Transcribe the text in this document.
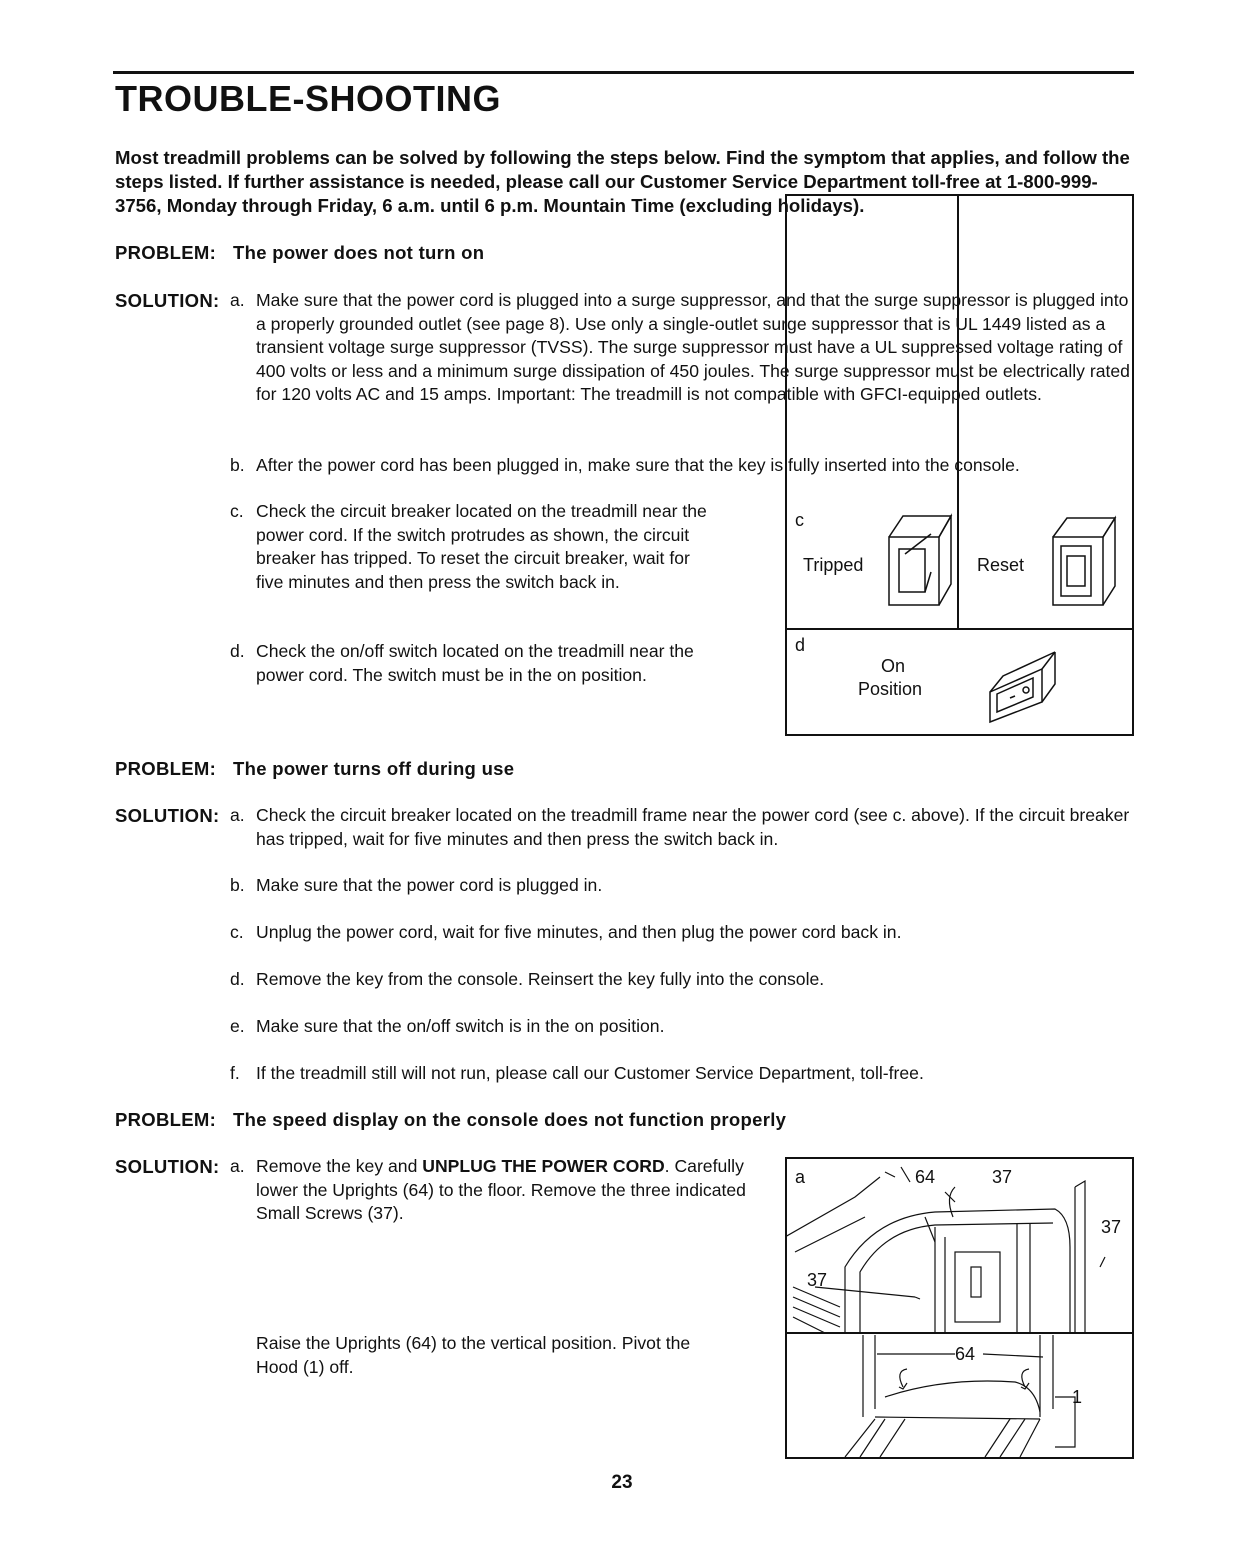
TROUBLE-SHOOTING
Most treadmill problems can be solved by following the steps below. Find the symptom that applies, and follow the steps listed. If further assistance is needed, please call our Customer Service Department toll-free at 1-800-999-3756, Monday through Friday, 6 a.m. until 6 p.m. Mountain Time (excluding holidays).
PROBLEM: The power does not turn on
SOLUTION: a. Make sure that the power cord is plugged into a surge suppressor, and that the surge suppressor is plugged into a properly grounded outlet (see page 8). Use only a single-outlet surge suppressor that is UL 1449 listed as a transient voltage surge suppressor (TVSS). The surge suppressor must have a UL suppressed voltage rating of 400 volts or less and a minimum surge dissipation of 450 joules. The surge suppressor must be electrically rated for 120 volts AC and 15 amps. Important: The treadmill is not compatible with GFCI-equipped outlets.
b. After the power cord has been plugged in, make sure that the key is fully inserted into the console.
c. Check the circuit breaker located on the treadmill near the power cord. If the switch protrudes as shown, the circuit breaker has tripped. To reset the circuit breaker, wait for five minutes and then press the switch back in.
d. Check the on/off switch located on the treadmill near the power cord. The switch must be in the on position.
c
Tripped	Reset
d
On
Position
PROBLEM: The power turns off during use
SOLUTION: a. Check the circuit breaker located on the treadmill frame near the power cord (see c. above). If the circuit breaker has tripped, wait for five minutes and then press the switch back in.
b. Make sure that the power cord is plugged in.
c. Unplug the power cord, wait for five minutes, and then plug the power cord back in.
d. Remove the key from the console. Reinsert the key fully into the console.
e. Make sure that the on/off switch is in the on position.
f. If the treadmill still will not run, please call our Customer Service Department, toll-free.
PROBLEM: The speed display on the console does not function properly
SOLUTION: a. Remove the key and UNPLUG THE POWER CORD. Carefully lower the Uprights (64) to the floor. Remove the three indicated Small Screws (37).
Raise the Uprights (64) to the vertical position. Pivot the Hood (1) off.
a	64	37
37
37
64
1
23
